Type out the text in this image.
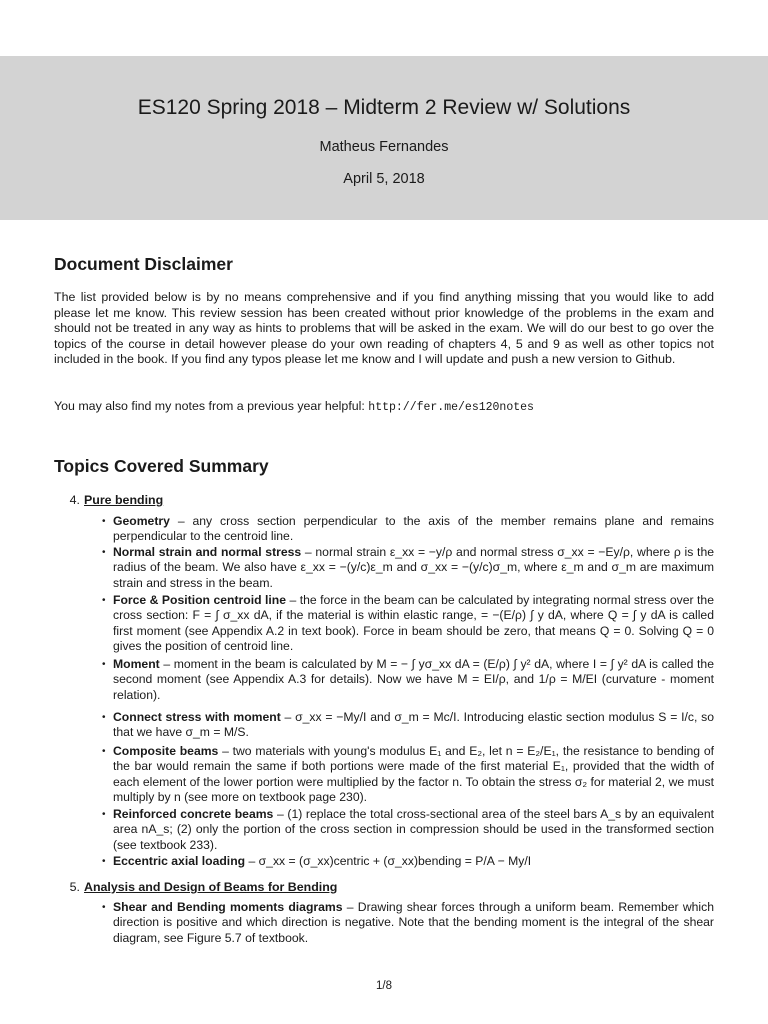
ES120 Spring 2018 – Midterm 2 Review w/ Solutions
Matheus Fernandes
April 5, 2018
Document Disclaimer

The list provided below is by no means comprehensive and if you find anything missing that you would like to add please let me know. This review session has been created without prior knowledge of the problems in the exam and should not be treated in any way as hints to problems that will be asked in the exam. We will do our best to go over the topics of the course in detail however please do your own reading of chapters 4, 5 and 9 as well as other topics not included in the book. If you find any typos please let me know and I will update and push a new version to Github.

You may also find my notes from a previous year helpful: http://fer.me/es120notes

Topics Covered Summary
4. Pure bending
• Geometry – any cross section perpendicular to the axis of the member remains plane and remains perpendicular to the centroid line.
• Normal strain and normal stress – normal strain ε_xx = −y/ρ and normal stress σ_xx = −Ey/ρ, where ρ is the radius of the beam. We also have ε_xx = −(y/c)ε_m and σ_xx = −(y/c)σ_m, where ε_m and σ_m are maximum strain and stress in the beam.
• Force & Position centroid line – the force in the beam can be calculated by integrating normal stress over the cross section: F = ∫ σ_xx dA, if the material is within elastic range, = −(E/ρ) ∫ y dA, where Q = ∫ y dA is called first moment (see Appendix A.2 in text book). Force in beam should be zero, that means Q = 0. Solving Q = 0 gives the position of centroid line.
• Moment – moment in the beam is calculated by M = − ∫ yσ_xx dA = (E/ρ) ∫ y² dA, where I = ∫ y² dA is called the second moment (see Appendix A.3 for details). Now we have M = EI/ρ, and 1/ρ = M/EI (curvature - moment relation).
• Connect stress with moment – σ_xx = −My/I and σ_m = Mc/I. Introducing elastic section modulus S = I/c, so that we have σ_m = M/S.
• Composite beams – two materials with young's modulus E₁ and E₂, let n = E₂/E₁, the resistance to bending of the bar would remain the same if both portions were made of the first material E₁, provided that the width of each element of the lower portion were multiplied by the factor n. To obtain the stress σ₂ for material 2, we must multiply by n (see more on textbook page 230).
• Reinforced concrete beams – (1) replace the total cross-sectional area of the steel bars A_s by an equivalent area nA_s; (2) only the portion of the cross section in compression should be used in the transformed section (see textbook 233).
• Eccentric axial loading – σ_xx = (σ_xx)centric + (σ_xx)bending = P/A − My/I
5. Analysis and Design of Beams for Bending
• Shear and Bending moments diagrams – Drawing shear forces through a uniform beam. Remember which direction is positive and which direction is negative. Note that the bending moment is the integral of the shear diagram, see Figure 5.7 of textbook.
1/8
